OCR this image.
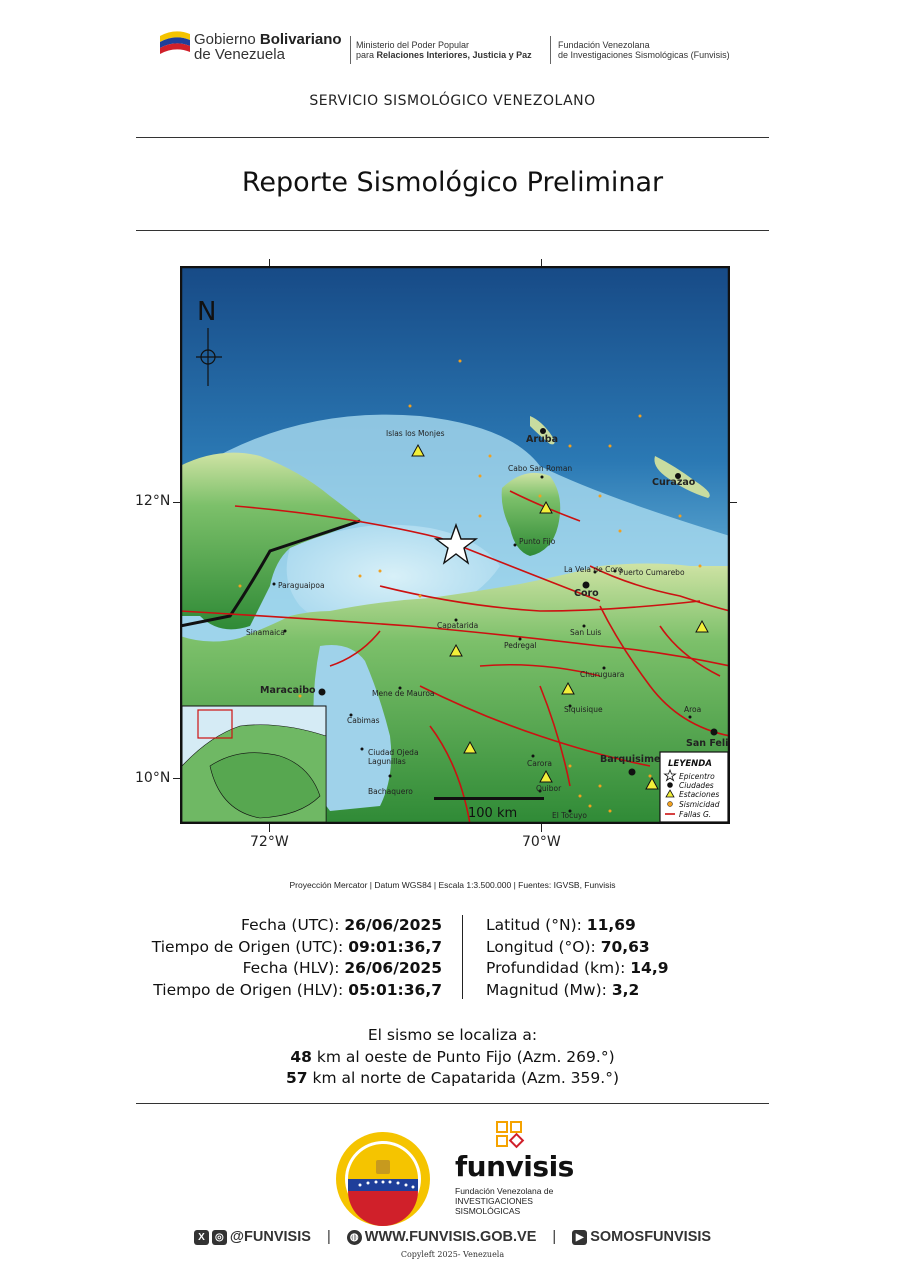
Gobierno Bolivariano
de Venezuela
Ministerio del Poder Popular
para Relaciones Interiores, Justicia y Paz
Fundación Venezolana
de Investigaciones Sismológicas (Funvisis)
SERVICIO SISMOLÓGICO VENEZOLANO
Reporte Sismológico Preliminar
12°N
10°N
72°W	70°W
Islas los Monjes
Aruba
Curazao
Cabo San Roman
Punto Fijo
La Vela de Coro
Puerto Cumarebo
Coro
Paraguaipoa
Sinamaica
Capatarida
San Luis
Pedregal
Churuguara
Maracaibo	Mene de Mauroa
Cabimas
Siquisique
Ciudad Ojeda
Lagunillas	Carora	Barquisime
Aroa
San Feli
Bachaquero	Quibor
El Tocuyo
N
100 km
LEYENDA
Epicentro
Ciudades
Estaciones
Sismicidad
Fallas G.
Proyección Mercator | Datum WGS84 | Escala 1:3.500.000 | Fuentes: IGVSB, Funvisis
Fecha (UTC): 26/06/2025
Tiempo de Origen (UTC): 09:01:36,7
Fecha (HLV): 26/06/2025
Tiempo de Origen (HLV): 05:01:36,7
Latitud (°N): 11,69
Longitud (°O): 70,63
Profundidad (km): 14,9
Magnitud (Mw): 3,2
El sismo se localiza a:
48 km al oeste de Punto Fijo (Azm. 269.°)
57 km al norte de Capatarida (Azm. 359.°)
funvisis
Fundación Venezolana de
INVESTIGACIONES SISMOLÓGICAS
X ◎ @FUNVISIS | ◍ WWW.FUNVISIS.GOB.VE | ▶ SOMOSFUNVISIS
Copyleft 2025- Venezuela
